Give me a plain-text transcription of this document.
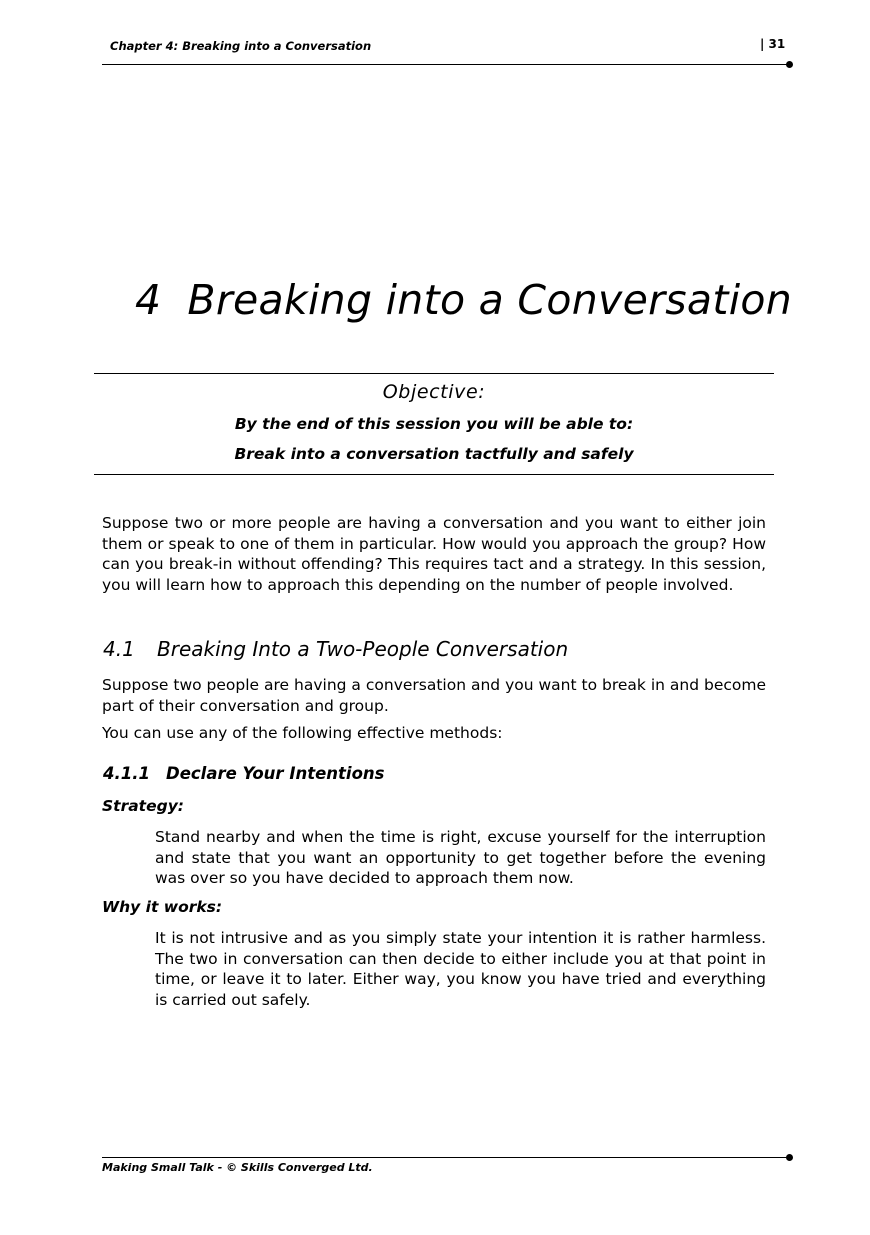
Chapter 4: Breaking into a Conversation	| 31
4 Breaking into a Conversation
Objective:
By the end of this session you will be able to:
Break into a conversation tactfully and safely
Suppose two or more people are having a conversation and you want to either join them or speak to one of them in particular. How would you approach the group? How can you break-in without offending? This requires tact and a strategy. In this session, you will learn how to approach this depending on the number of people involved.
4.1 Breaking Into a Two-People Conversation
Suppose two people are having a conversation and you want to break in and become part of their conversation and group.
You can use any of the following effective methods:
4.1.1 Declare Your Intentions
Strategy:
Stand nearby and when the time is right, excuse yourself for the interruption and state that you want an opportunity to get together before the evening was over so you have decided to approach them now.
Why it works:
It is not intrusive and as you simply state your intention it is rather harmless. The two in conversation can then decide to either include you at that point in time, or leave it to later. Either way, you know you have tried and everything is carried out safely.
Making Small Talk - © Skills Converged Ltd.
